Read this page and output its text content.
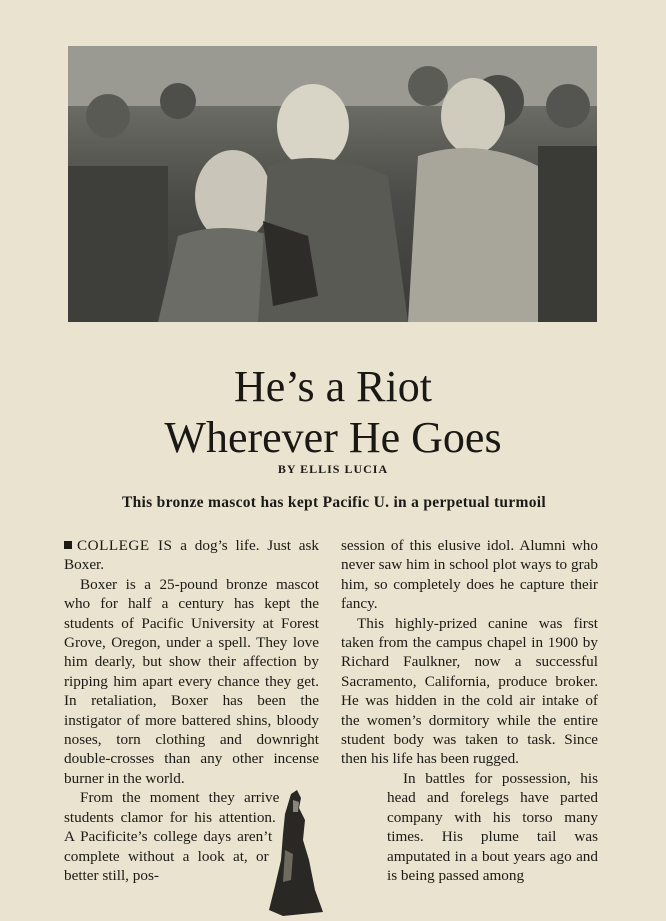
He’s a Riot
Wherever He Goes
BY ELLIS LUCIA
This bronze mascot has kept Pacific U. in a perpetual turmoil

COLLEGE IS a dog’s life. Just ask Boxer.

Boxer is a 25-pound bronze mascot who for half a century has kept the students of Pacific University at Forest Grove, Oregon, under a spell. They love him dearly, but show their affection by ripping him apart every chance they get. In retaliation, Boxer has been the instigator of more battered shins, bloody noses, torn clothing and downright double-crosses than any other incense burner in the world.

From the moment they arrive students clamor for his attention. A Pacificite’s college days aren’t complete without a look at, or better still, pos-

session of this elusive idol. Alumni who never saw him in school plot ways to grab him, so completely does he capture their fancy.

This highly-prized canine was first taken from the campus chapel in 1900 by Richard Faulkner, now a successful Sacramento, California, produce broker. He was hidden in the cold air intake of the women’s dormitory while the entire student body was taken to task. Since then his life has been rugged.

In battles for possession, his head and forelegs have parted company with his torso many times. His plume tail was amputated in a bout years ago and is being passed among
